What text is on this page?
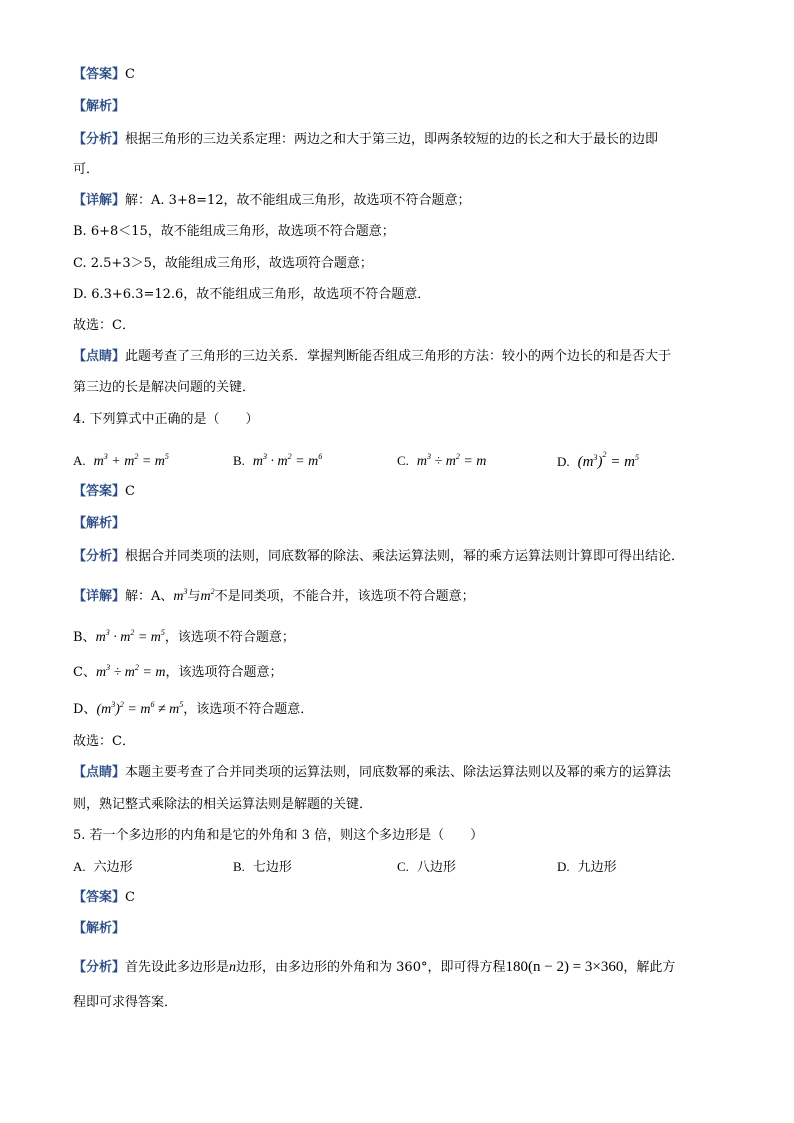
【答案】C
【解析】
【分析】根据三角形的三边关系定理：两边之和大于第三边，即两条较短的边的长之和大于最长的边即
可．
【详解】解：A. 3+8=12，故不能组成三角形，故选项不符合题意；
B. 6+8＜15，故不能组成三角形，故选项不符合题意；
C. 2.5+3＞5，故能组成三角形，故选项符合题意；
D. 6.3+6.3=12.6，故不能组成三角形，故选项不符合题意．
故选：C．
【点睛】此题考查了三角形的三边关系．掌握判断能否组成三角形的方法：较小的两个边长的和是否大于
第三边的长是解决问题的关键．
4. 下列算式中正确的是（　　）
A. $m^3 + m^2 = m^5$	B. $m^3 \cdot m^2 = m^6$	C. $m^3 \div m^2 = m$	D. $(m^3)^2 = m^5$
【答案】C
【解析】
【分析】根据合并同类项的法则，同底数幂的除法、乘法运算法则，幂的乘方运算法则计算即可得出结论．
【详解】解：A、$m^3$与$m^2$不是同类项，不能合并，该选项不符合题意；
B、$m^3 \cdot m^2 = m^5$，该选项不符合题意；
C、$m^3 \div m^2 = m$，该选项符合题意；
D、$(m^3)^2 = m^6 \ne m^5$，该选项不符合题意．
故选：C．
【点睛】本题主要考查了合并同类项的运算法则，同底数幂的乘法、除法运算法则以及幂的乘方的运算法
则，熟记整式乘除法的相关运算法则是解题的关键．
5. 若一个多边形的内角和是它的外角和 3 倍，则这个多边形是（　　）
A. 六边形	B. 七边形	C. 八边形	D. 九边形
【答案】C
【解析】
【分析】首先设此多边形是n边形，由多边形的外角和为 360°，即可得方程180(n − 2) = 3×360，解此方
程即可求得答案．
